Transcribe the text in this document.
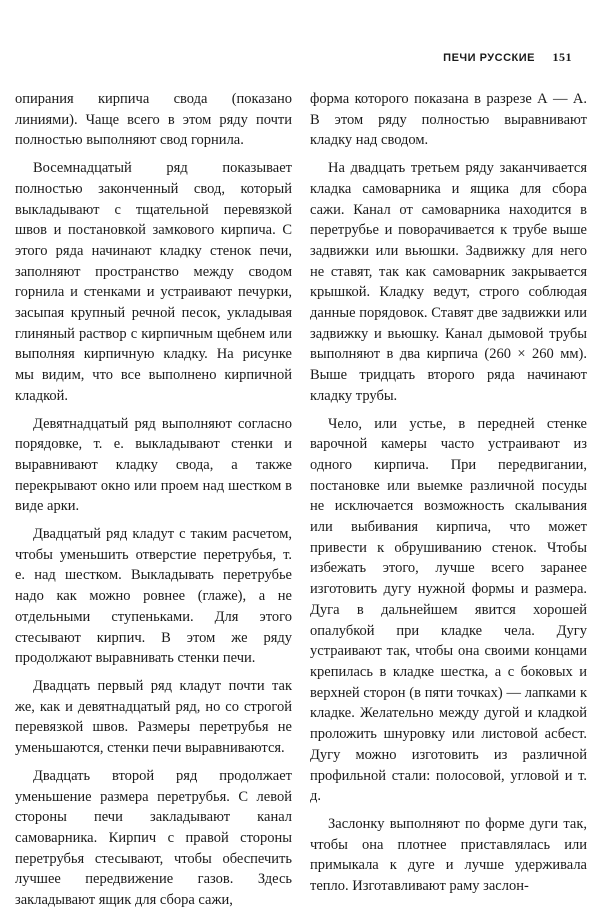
ПЕЧИ РУССКИЕ 151

опирания кирпича свода (показано линиями). Чаще всего в этом ряду почти полностью выполняют свод горнила.

Восемнадцатый ряд показывает полностью законченный свод, который выкладывают с тщательной перевязкой швов и постановкой замкового кирпича. С этого ряда начинают кладку стенок печи, заполняют пространство между сводом горнила и стенками и устраивают печурки, засыпая крупный речной песок, укладывая глиняный раствор с кирпичным щебнем или выполняя кирпичную кладку. На рисунке мы видим, что все выполнено кирпичной кладкой.

Девятнадцатый ряд выполняют согласно порядовке, т. е. выкладывают стенки и выравнивают кладку свода, а также перекрывают окно или проем над шестком в виде арки.

Двадцатый ряд кладут с таким расчетом, чтобы уменьшить отверстие перетрубья, т. е. над шестком. Выкладывать перетрубье надо как можно ровнее (глаже), а не отдельными ступеньками. Для этого стесывают кирпич. В этом же ряду продолжают выравнивать стенки печи.

Двадцать первый ряд кладут почти так же, как и девятнадцатый ряд, но со строгой перевязкой швов. Размеры перетрубья не уменьшаются, стенки печи выравниваются.

Двадцать второй ряд продолжает уменьшение размера перетрубья. С левой стороны печи закладывают канал самоварника. Кирпич с правой стороны перетрубья стесывают, чтобы обеспечить лучшее передвижение газов. Здесь закладывают ящик для сбора сажи,

форма которого показана в разрезе А — А. В этом ряду полностью выравнивают кладку над сводом.

На двадцать третьем ряду заканчивается кладка самоварника и ящика для сбора сажи. Канал от самоварника находится в перетрубье и поворачивается к трубе выше задвижки или вьюшки. Задвижку для него не ставят, так как самоварник закрывается крышкой. Кладку ведут, строго соблюдая данные порядовок. Ставят две задвижки или задвижку и вьюшку. Канал дымовой трубы выполняют в два кирпича (260 × 260 мм). Выше тридцать второго ряда начинают кладку трубы.

Чело, или устье, в передней стенке варочной камеры часто устраивают из одного кирпича. При передвигании, постановке или выемке различной посуды не исключается возможность скалывания или выбивания кирпича, что может привести к обрушиванию стенок. Чтобы избежать этого, лучше всего заранее изготовить дугу нужной формы и размера. Дуга в дальнейшем явится хорошей опалубкой при кладке чела. Дугу устраивают так, чтобы она своими концами крепилась в кладке шестка, а с боковых и верхней сторон (в пяти точках) — лапками к кладке. Желательно между дугой и кладкой проложить шнуровку или листовой асбест. Дугу можно изготовить из различной профильной стали: полосовой, угловой и т. д.

Заслонку выполняют по форме дуги так, чтобы она плотнее приставлялась или примыкала к дуге и лучше удерживала тепло. Изготавливают раму заслон-
